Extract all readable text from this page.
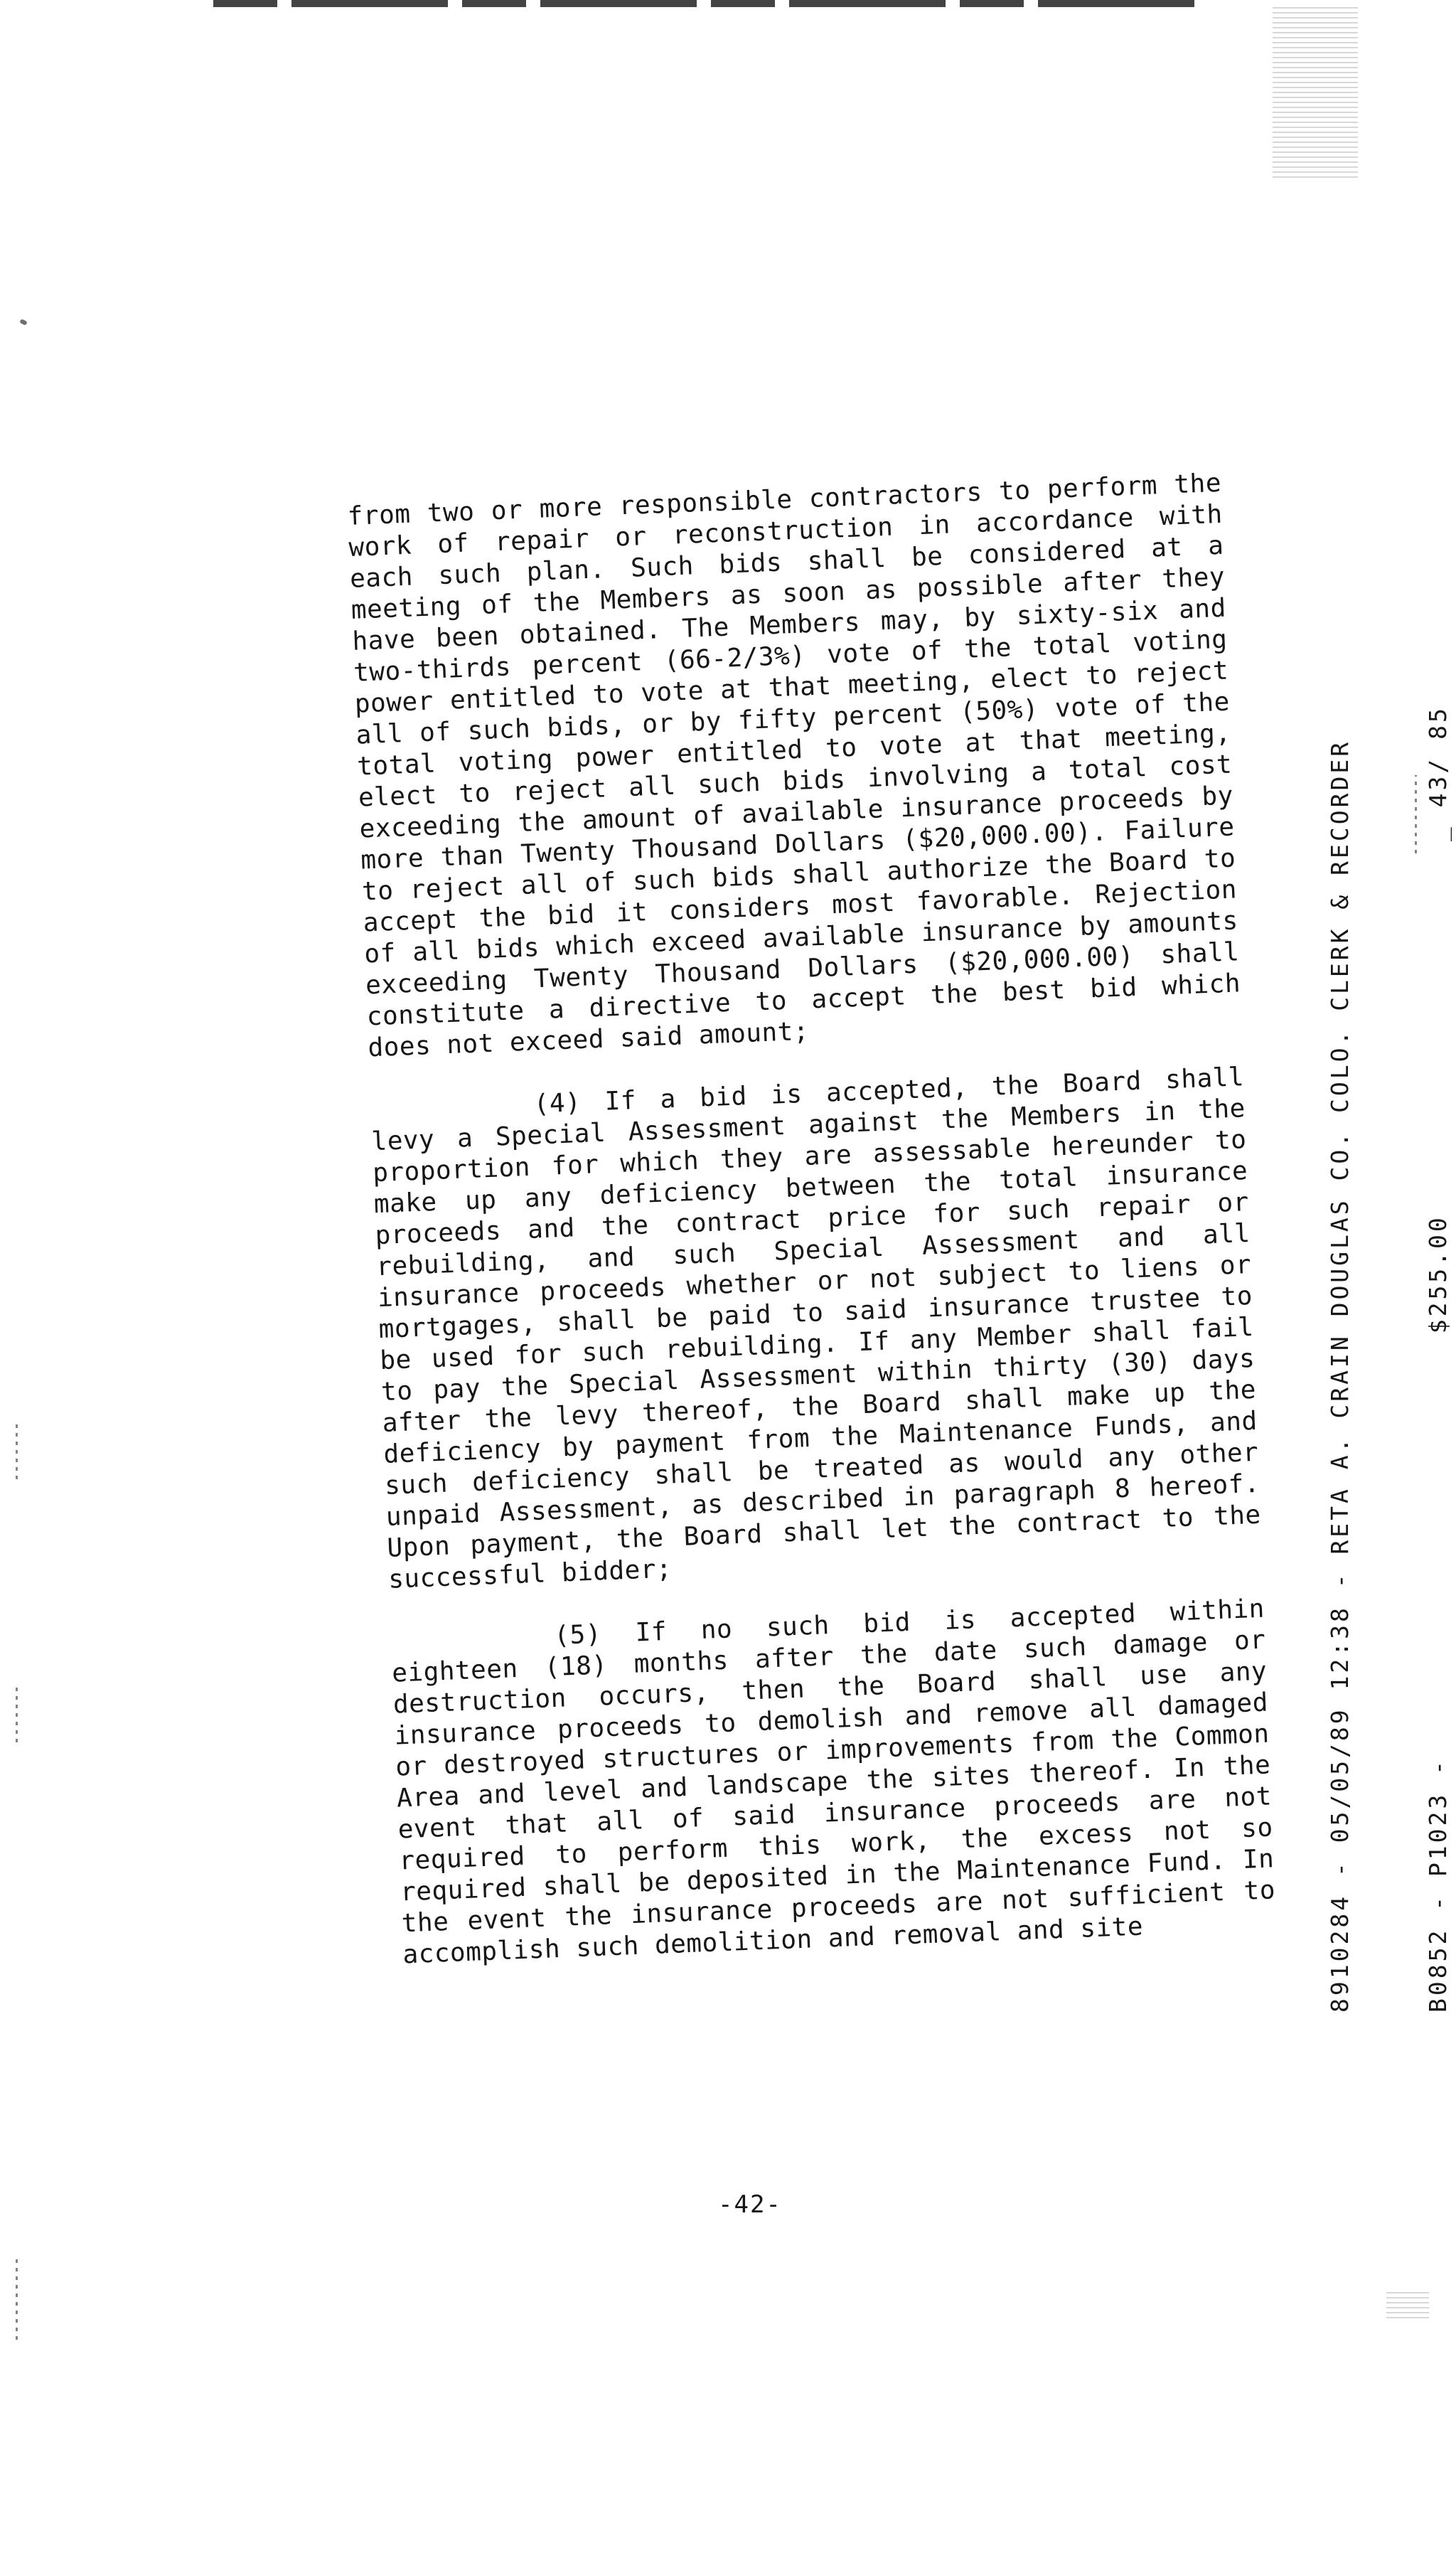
from two or more responsible contractors to perform the work of repair or reconstruction in accordance with each such plan. Such bids shall be considered at a meeting of the Members as soon as possible after they have been obtained. The Members may, by sixty-six and two-thirds percent (66-2/3%) vote of the total voting power entitled to vote at that meeting, elect to reject all of such bids, or by fifty percent (50%) vote of the total voting power entitled to vote at that meeting, elect to reject all such bids involving a total cost exceeding the amount of available insurance proceeds by more than Twenty Thousand Dollars ($20,000.00). Failure to reject all of such bids shall authorize the Board to accept the bid it considers most favorable. Rejection of all bids which exceed available insurance by amounts exceeding Twenty Thousand Dollars ($20,000.00) shall constitute a directive to accept the best bid which does not exceed said amount;

(4) If a bid is accepted, the Board shall levy a Special Assessment against the Members in the proportion for which they are assessable hereunder to make up any deficiency between the total insurance proceeds and the contract price for such repair or rebuilding, and such Special Assessment and all insurance proceeds whether or not subject to liens or mortgages, shall be paid to said insurance trustee to be used for such rebuilding. If any Member shall fail to pay the Special Assessment within thirty (30) days after the levy thereof, the Board shall make up the deficiency by payment from the Maintenance Funds, and such deficiency shall be treated as would any other unpaid Assessment, as described in paragraph 8 hereof. Upon payment, the Board shall let the contract to the successful bidder;

(5) If no such bid is accepted within eighteen (18) months after the date such damage or destruction occurs, then the Board shall use any insurance proceeds to demolish and remove all damaged or destroyed structures or improvements from the Common Area and level and landscape the sites thereof. In the event that all of said insurance proceeds are not required to perform this work, the excess not so required shall be deposited in the Maintenance Fund. In the event the insurance proceeds are not sufficient to accomplish such demolition and removal and site

-42-

8910284 - 05/05/89 12:38 - RETA A. CRAIN DOUGLAS CO. COLO. CLERK & RECORDER

	B0852 - P1023 -                         $255.00                      _ 43/ 85
